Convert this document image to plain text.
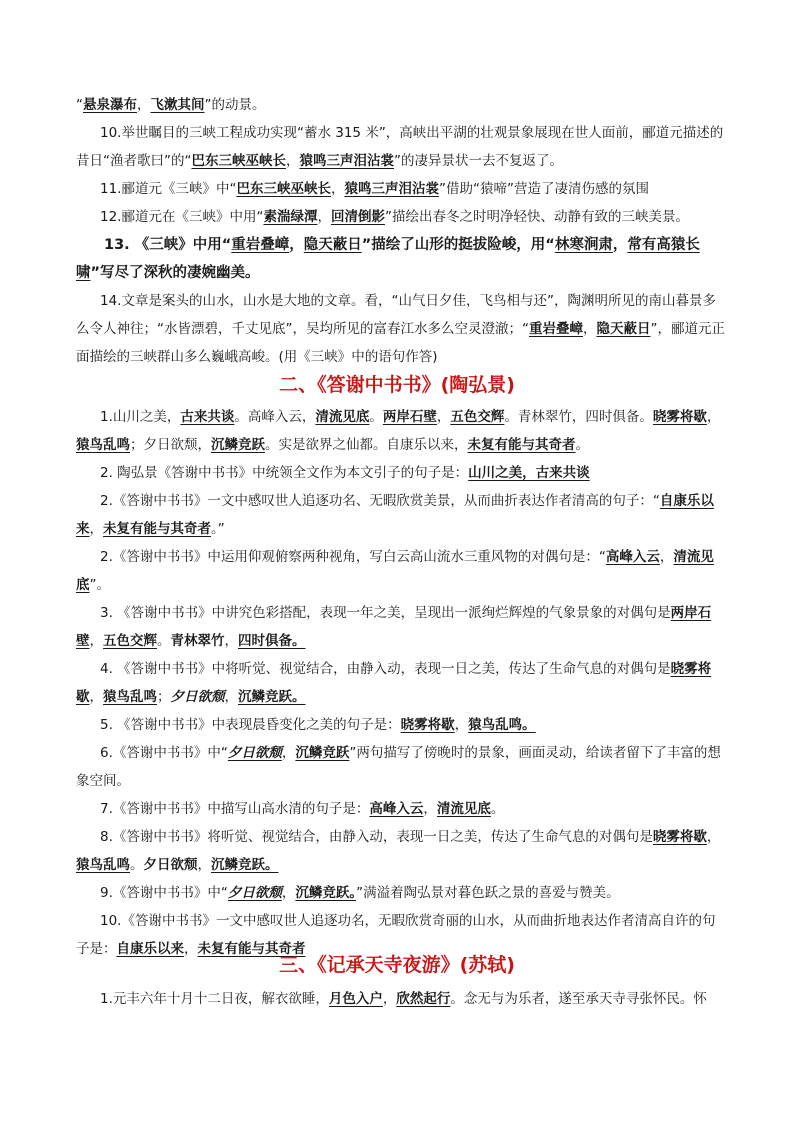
“悬泉瀑布，飞漱其间”的动景。
10.举世瞩目的三峡工程成功实现“蓄水 315 米”，高峡出平湖的壮观景象展现在世人面前，郦道元描述的昔日“渔者歌曰”的“巴东三峡巫峡长，猿鸣三声泪沾裳”的凄异景状一去不复返了。
11.郦道元《三峡》中“巴东三峡巫峡长，猿鸣三声泪沾裳”借助“猿啼”营造了凄清伤感的氛围
12.郦道元在《三峡》中用“素湍绿潭，回清倒影”描绘出春冬之时明净轻快、动静有致的三峡美景。
13. 《三峡》中用“重岩叠嶂，隐天蔽日”描绘了山形的挺拔险峻，用“林寒涧肃，常有高猿长啸”写尽了深秋的凄婉幽美。
14.文章是案头的山水，山水是大地的文章。看，“山气日夕佳，飞鸟相与还”，陶渊明所见的南山暮景多么令人神往；“水皆漂碧，千丈见底”，吴均所见的富春江水多么空灵澄澈；“重岩叠嶂，隐天蔽日”，郦道元正面描绘的三峡群山多么巍峨高峻。(用《三峡》中的语句作答)
二、《答谢中书书》(陶弘景)
1.山川之美，古来共谈。高峰入云，清流见底。两岸石壁，五色交辉。青林翠竹，四时俱备。晓雾将歇，猿鸟乱鸣；夕日欲颓，沉鳞竞跃。实是欲界之仙都。自康乐以来，未复有能与其奇者。
2. 陶弘景《答谢中书书》中统领全文作为本文引子的句子是：山川之美，古来共谈
2.《答谢中书书》一文中感叹世人追逐功名、无暇欣赏美景，从而曲折表达作者清高的句子：“自康乐以来，未复有能与其奇者。”
2.《答谢中书书》中运用仰观俯察两种视角，写白云高山流水三重风物的对偶句是：“高峰入云，清流见底”。
3. 《答谢中书书》中讲究色彩搭配，表现一年之美，呈现出一派绚烂辉煌的气象景象的对偶句是两岸石壁，五色交辉。青林翠竹，四时俱备。
4. 《答谢中书书》中将听觉、视觉结合，由静入动，表现一日之美，传达了生命气息的对偶句是晓雾将歇，猿鸟乱鸣；夕日欲颓，沉鳞竞跃。
5. 《答谢中书书》中表现晨昏变化之美的句子是：晓雾将歇，猿鸟乱鸣。
6.《答谢中书书》中“夕日欲颓，沉鳞竞跃”两句描写了傍晚时的景象，画面灵动，给读者留下了丰富的想象空间。
7.《答谢中书书》中描写山高水清的句子是：高峰入云，清流见底。
8.《答谢中书书》将听觉、视觉结合，由静入动，表现一日之美，传达了生命气息的对偶句是晓雾将歇，猿鸟乱鸣。夕日欲颓，沉鳞竞跃。
9.《答谢中书书》中“夕日欲颓，沉鳞竞跃。”满溢着陶弘景对暮色跃之景的喜爱与赞美。
10.《答谢中书书》一文中感叹世人追逐功名，无暇欣赏奇丽的山水，从而曲折地表达作者清高自许的句子是：自康乐以来，未复有能与其奇者
三、《记承天寺夜游》(苏轼)
1.元丰六年十月十二日夜，解衣欲睡，月色入户，欣然起行。念无与为乐者，遂至承天寺寻张怀民。怀
